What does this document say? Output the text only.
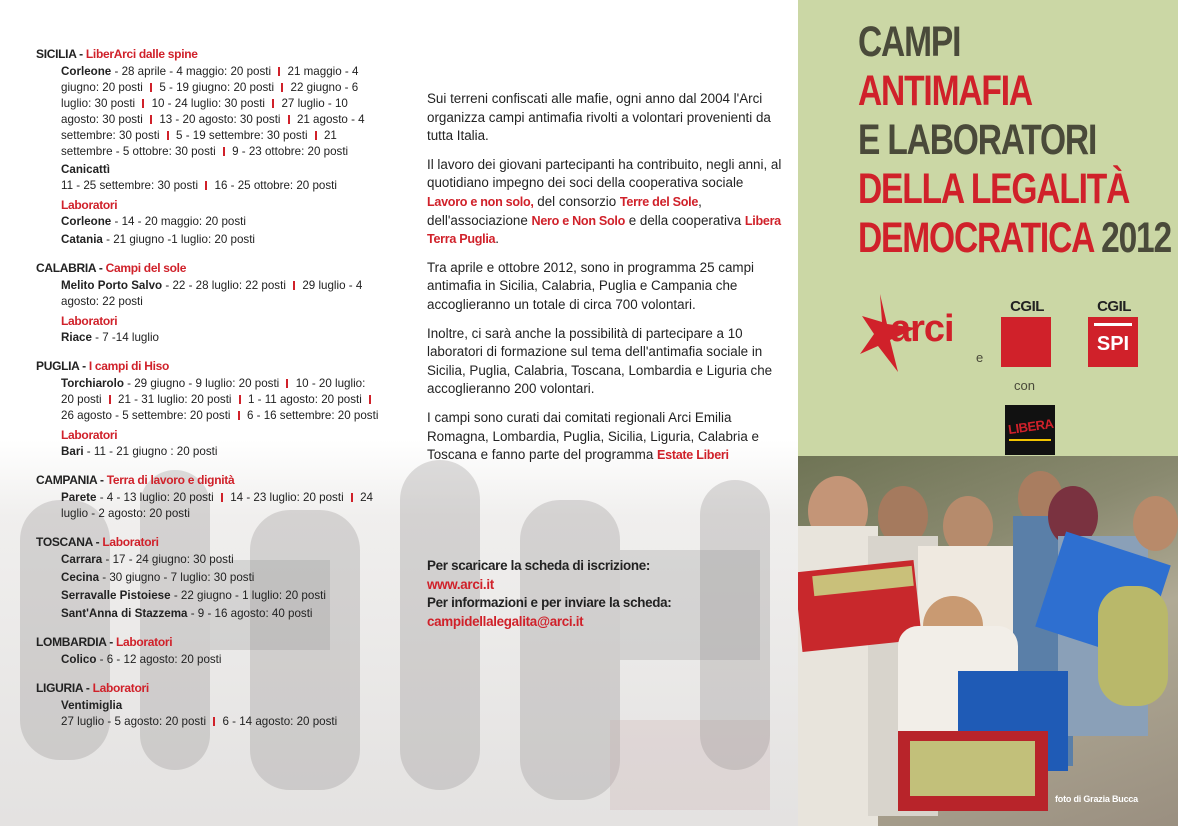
SICILIA - LiberArci dalle spine
Corleone - 28 aprile - 4 maggio: 20 posti  21 maggio - 4 giugno: 20 posti  5 - 19 giugno: 20 posti  22 giugno - 6 luglio: 30 posti  10 - 24 luglio: 30 posti  27 luglio - 10 agosto: 30 posti  13 - 20 agosto: 30 posti  21 agosto - 4 settembre: 30 posti  5 - 19 settembre: 30 posti  21 settembre - 5 ottobre: 30 posti  9 - 23 ottobre: 20 posti
Canicattì
11 - 25 settembre: 30 posti  16 - 25 ottobre: 20 posti
Laboratori
Corleone - 14 - 20 maggio: 20 posti
Catania - 21 giugno -1 luglio: 20 posti
CALABRIA - Campi del sole
Melito Porto Salvo - 22 - 28 luglio: 22 posti  29 luglio - 4 agosto: 22 posti
Laboratori
Riace - 7 -14 luglio
PUGLIA - I campi di Hiso
Torchiarolo - 29 giugno - 9 luglio: 20 posti  10 - 20 luglio: 20 posti  21 - 31 luglio: 20 posti  1 - 11 agosto: 20 posti  26 agosto - 5 settembre: 20 posti  6 - 16 settembre: 20 posti
Laboratori
Bari - 11 - 21 giugno : 20 posti
CAMPANIA - Terra di lavoro e dignità
Parete - 4 - 13 luglio: 20 posti  14 - 23 luglio: 20 posti  24 luglio - 2 agosto: 20 posti
TOSCANA - Laboratori
Carrara - 17 - 24 giugno: 30 posti
Cecina - 30 giugno - 7 luglio: 30 posti
Serravalle Pistoiese - 22 giugno - 1 luglio: 20 posti
Sant'Anna di Stazzema - 9 - 16 agosto: 40 posti
LOMBARDIA - Laboratori
Colico - 6 - 12 agosto: 20 posti
LIGURIA - Laboratori
Ventimiglia
27 luglio - 5 agosto: 20 posti  6 - 14 agosto: 20 posti

Sui terreni confiscati alle mafie, ogni anno dal 2004 l'Arci organizza campi antimafia rivolti a volontari provenienti da tutta Italia.

Il lavoro dei giovani partecipanti ha contribuito, negli anni, al quotidiano impegno dei soci della cooperativa sociale Lavoro e non solo, del consorzio Terre del Sole, dell'associazione Nero e Non Solo e della cooperativa Libera Terra Puglia.

Tra aprile e ottobre 2012, sono in programma 25 campi antimafia in Sicilia, Calabria, Puglia e Campania che accoglieranno un totale di circa 700 volontari.

Inoltre, ci sarà anche la possibilità di partecipare a 10 laboratori di formazione sul tema dell'antimafia sociale in Sicilia, Puglia, Calabria, Toscana, Lombardia e Liguria che accoglieranno 200 volontari.

I campi sono curati dai comitati regionali Arci Emilia Romagna, Lombardia, Puglia, Sicilia, Liguria, Calabria e Toscana e fanno parte del programma Estate Liberi

Per scaricare la scheda di iscrizione:
www.arci.it
Per informazioni e per inviare la scheda:
campidellalegalita@arci.it
CAMPI
ANTIMAFIA
E LABORATORI
DELLA LEGALITÀ
DEMOCRATICA 2012
arci
e
CGIL	CGIL
SPI
con
LIBERA
foto di Grazia Bucca
